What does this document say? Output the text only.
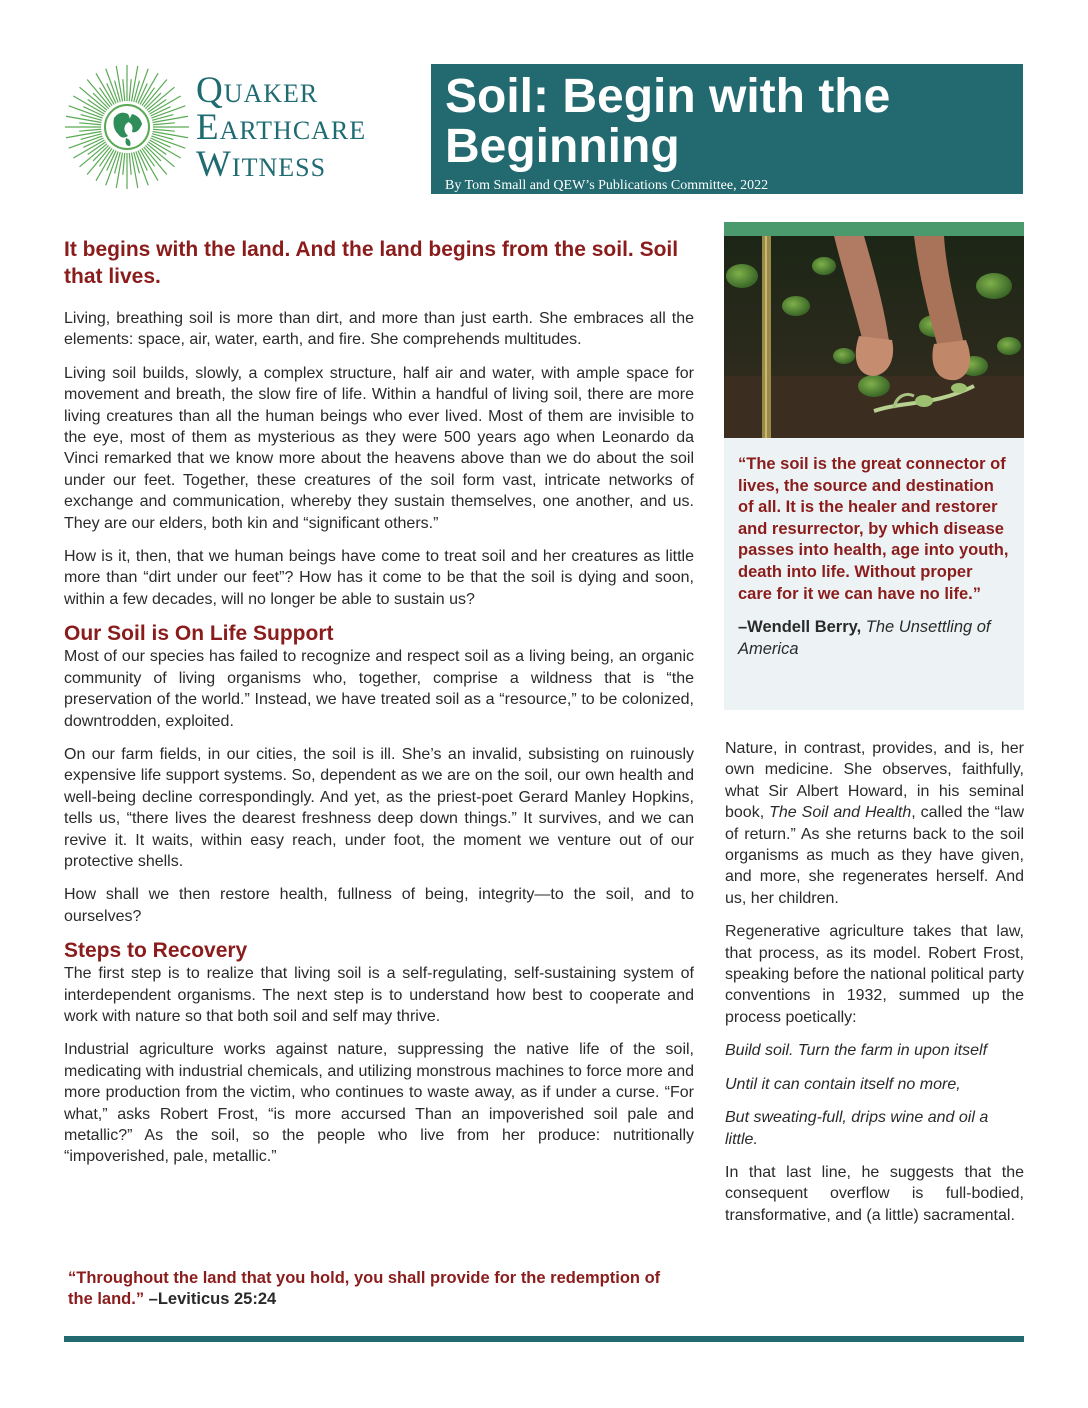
Quaker
Earthcare
Witness
Soil: Begin with the
Beginning
By Tom Small and QEW’s Publications Committee, 2022

It begins with the land. And the land begins from the soil. Soil that lives.

Living, breathing soil is more than dirt, and more than just earth. She embraces all the elements: space, air, water, earth, and fire. She comprehends multitudes.

Living soil builds, slowly, a complex structure, half air and water, with ample space for movement and breath, the slow fire of life. Within a handful of living soil, there are more living creatures than all the human beings who ever lived. Most of them are invisible to the eye, most of them as mysterious as they were 500 years ago when Leonardo da Vinci remarked that we know more about the heavens above than we do about the soil under our feet. Together, these creatures of the soil form vast, intricate networks of exchange and communication, whereby they sustain themselves, one another, and us. They are our elders, both kin and “significant others.”

How is it, then, that we human beings have come to treat soil and her creatures as little more than “dirt under our feet”? How has it come to be that the soil is dying and soon, within a few decades, will no longer be able to sustain us?

Our Soil is On Life Support

Most of our species has failed to recognize and respect soil as a living being, an organic community of living organisms who, together, comprise a wildness that is “the preservation of the world.” Instead, we have treated soil as a “resource,” to be colonized, downtrodden, exploited.

On our farm fields, in our cities, the soil is ill. She’s an invalid, subsisting on ruinously expensive life support systems. So, dependent as we are on the soil, our own health and well-being decline correspondingly. And yet, as the priest-poet Gerard Manley Hopkins, tells us, “there lives the dearest freshness deep down things.” It survives, and we can revive it. It waits, within easy reach, under foot, the moment we venture out of our protective shells.

How shall we then restore health, fullness of being, integrity—to the soil, and to ourselves?

Steps to Recovery

The first step is to realize that living soil is a self-regulating, self-sustaining system of interdependent organisms. The next step is to understand how best to cooperate and work with nature so that both soil and self may thrive.

Industrial agriculture works against nature, suppressing the native life of the soil, medicating with industrial chemicals, and utilizing monstrous machines to force more and more production from the victim, who continues to waste away, as if under a curse. “For what,” asks Robert Frost, “is more accursed Than an impoverished soil pale and metallic?” As the soil, so the people who live from her produce: nutritionally “impoverished, pale, metallic.”

“Throughout the land that you hold, you shall provide for the redemption of the land.” –Leviticus 25:24

“The soil is the great connector of lives, the source and destination of all. It is the healer and restorer and resurrector, by which disease passes into health, age into youth, death into life. Without proper care for it we can have no life.”

–Wendell Berry, The Unsettling of America

Nature, in contrast, provides, and is, her own medicine. She observes, faithfully, what Sir Albert Howard, in his seminal book, The Soil and Health, called the “law of return.” As she returns back to the soil organisms as much as they have given, and more, she regenerates herself. And us, her children.

Regenerative agriculture takes that law, that process, as its model. Robert Frost, speaking before the national political party conventions in 1932, summed up the process poetically:

Build soil. Turn the farm in upon itself

Until it can contain itself no more,

But sweating-full, drips wine and oil a little.

In that last line, he suggests that the consequent overflow is full-bodied, transformative, and (a little) sacramental.
